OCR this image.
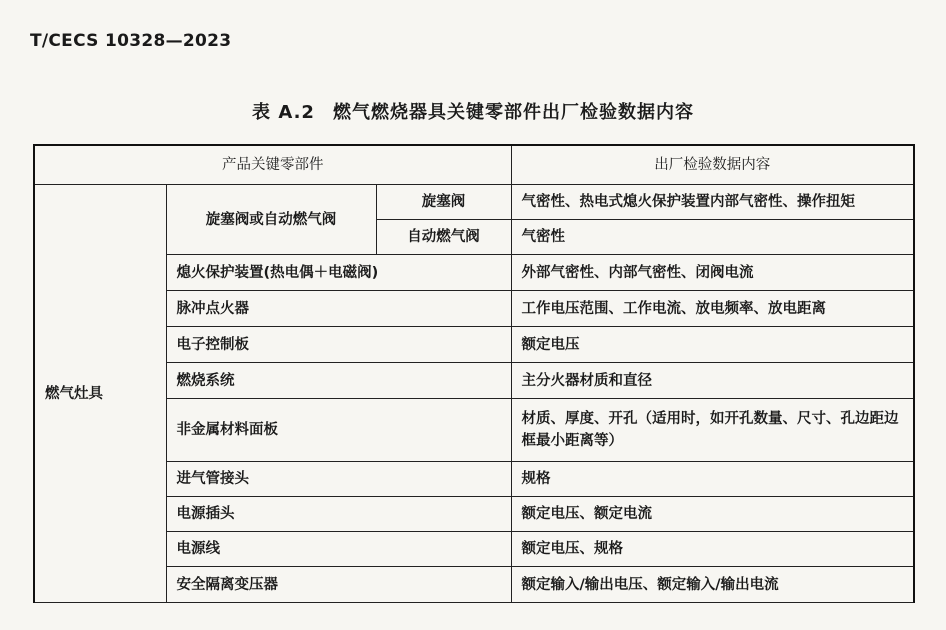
T/CECS 10328—2023
表 A.2 燃气燃烧器具关键零部件出厂检验数据内容
产品关键零部件			出厂检验数据内容
燃气灶具	旋塞阀或自动燃气阀	旋塞阀	气密性、热电式熄火保护装置内部气密性、操作扭矩
		自动燃气阀	气密性
	熄火保护装置(热电偶＋电磁阀)		外部气密性、内部气密性、闭阀电流
	脉冲点火器		工作电压范围、工作电流、放电频率、放电距离
	电子控制板		额定电压
	燃烧系统		主分火器材质和直径
	非金属材料面板		材质、厚度、开孔（适用时，如开孔数量、尺寸、孔边距边框最小距离等）
	进气管接头		规格
	电源插头		额定电压、额定电流
	电源线		额定电压、规格
	安全隔离变压器		额定输入/输出电压、额定输入/输出电流
